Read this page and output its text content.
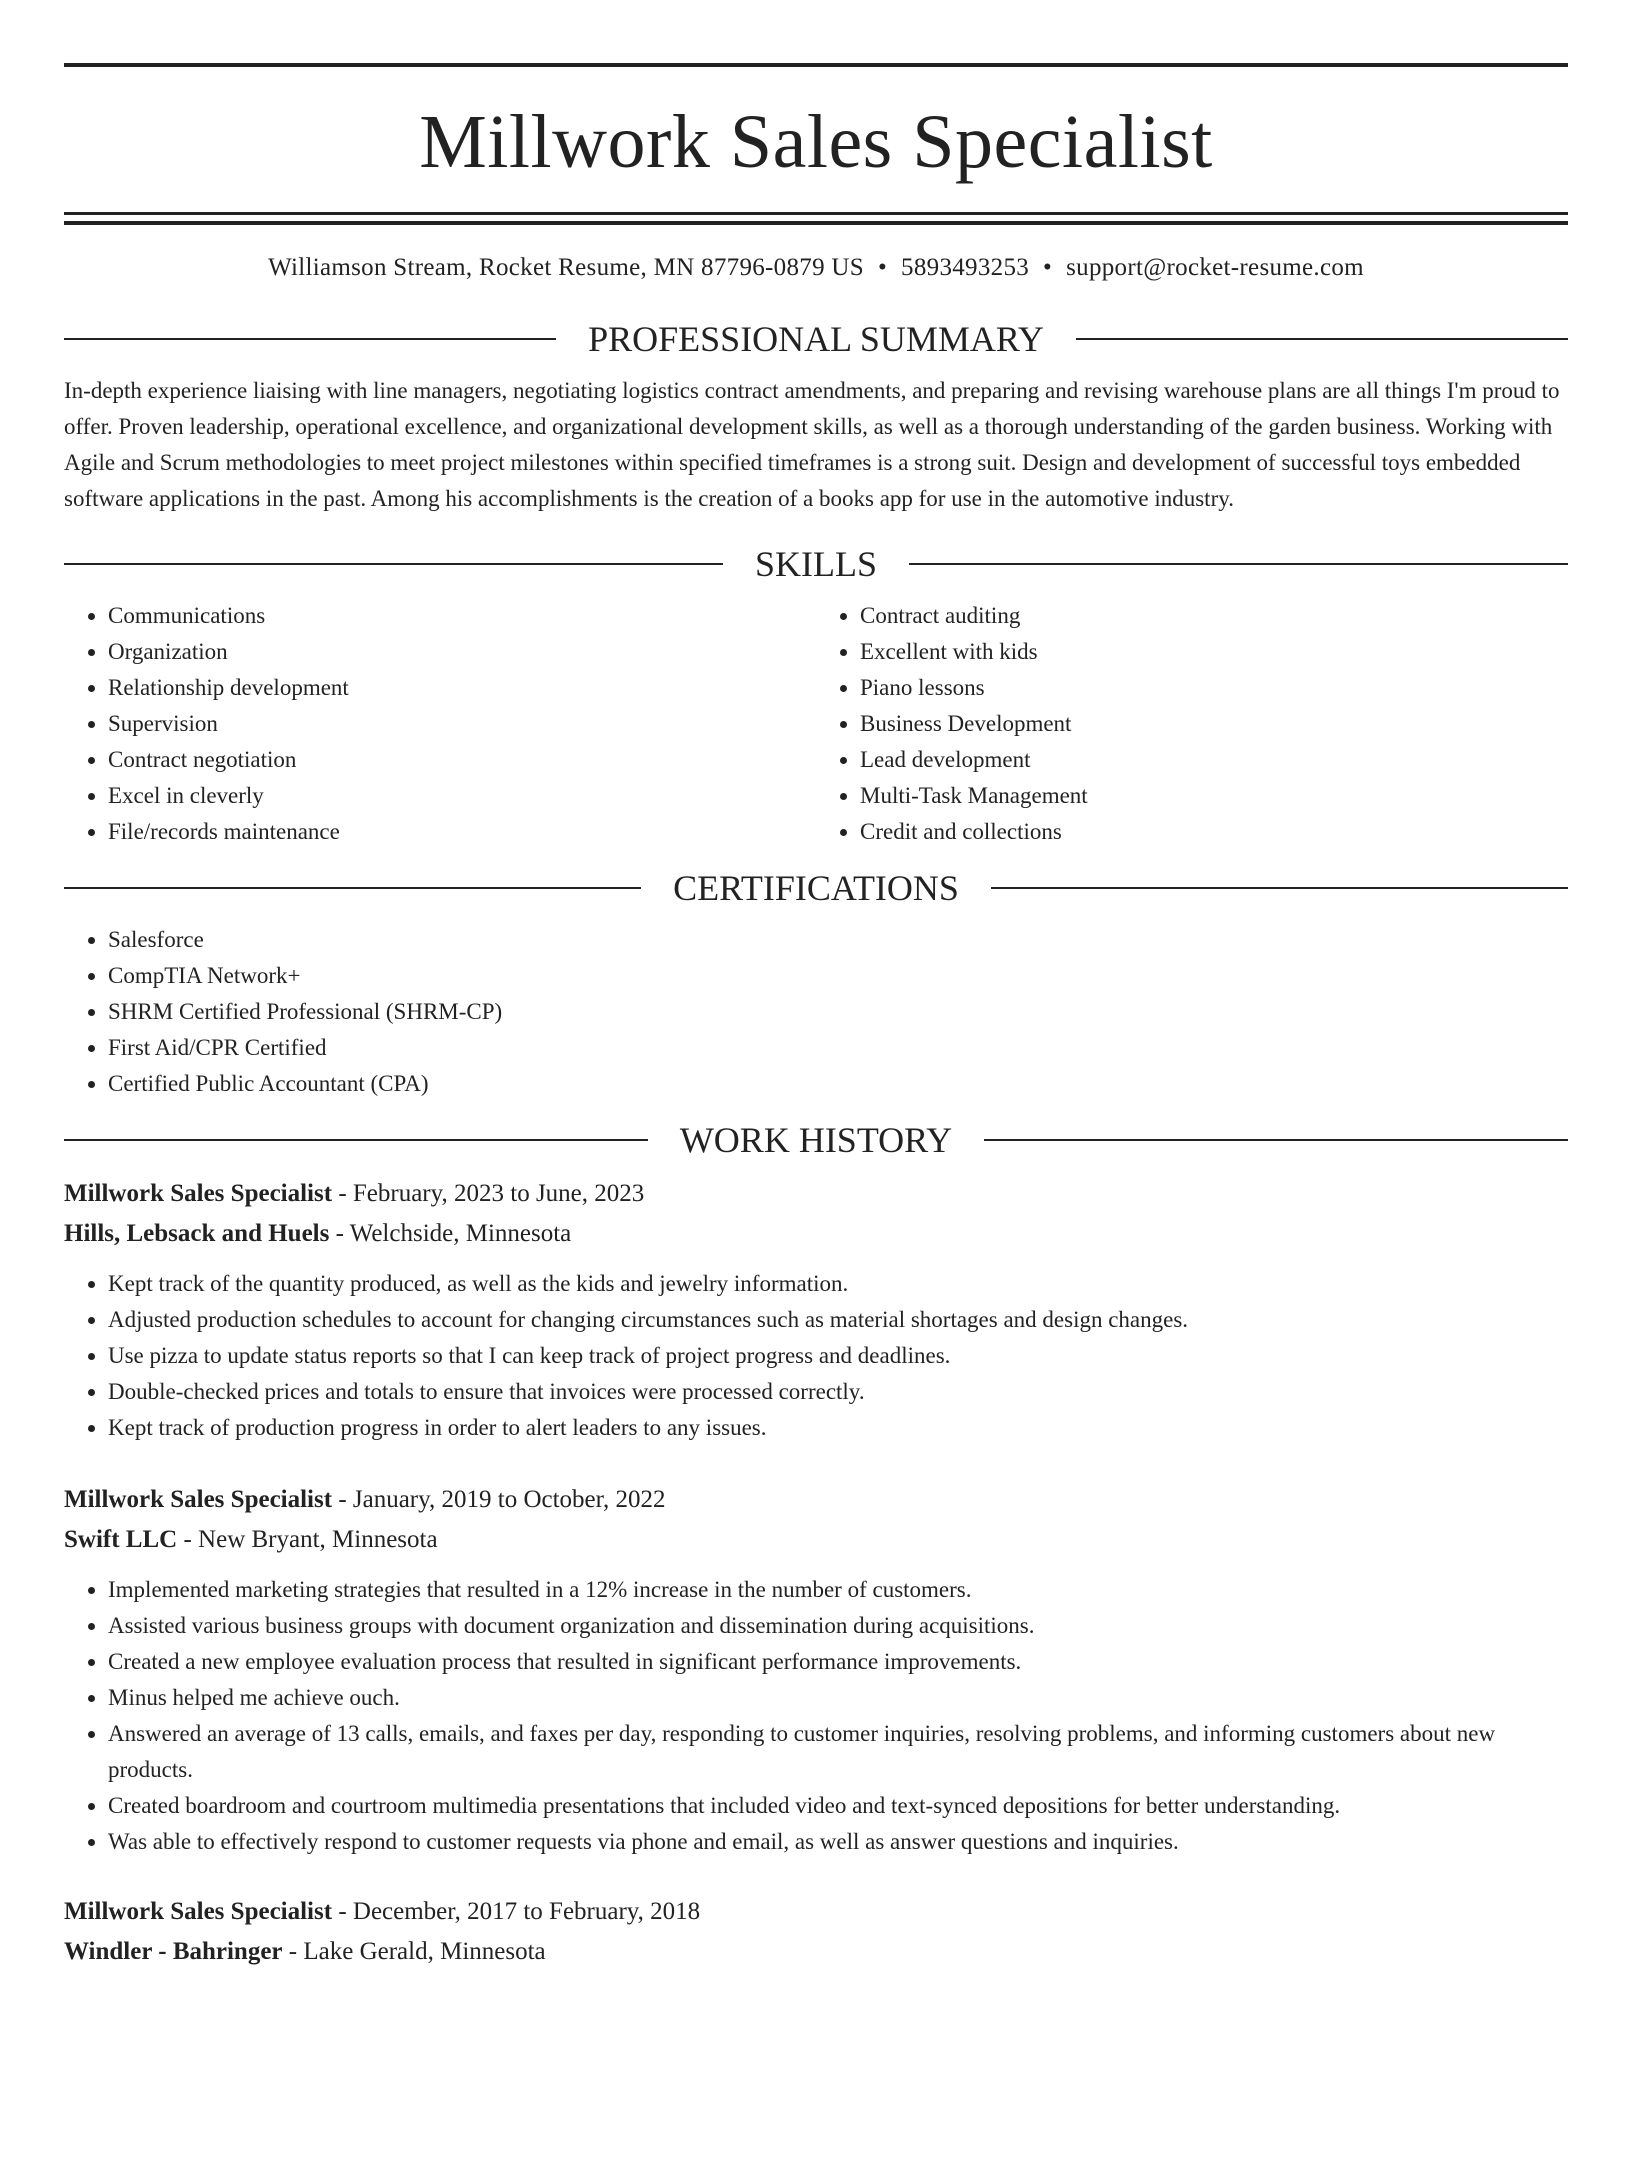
Millwork Sales Specialist
Williamson Stream, Rocket Resume, MN 87796-0879 US • 5893493253 • support@rocket-resume.com
PROFESSIONAL SUMMARY

In-depth experience liaising with line managers, negotiating logistics contract amendments, and preparing and revising warehouse plans are all things I'm proud to offer. Proven leadership, operational excellence, and organizational development skills, as well as a thorough understanding of the garden business. Working with Agile and Scrum methodologies to meet project milestones within specified timeframes is a strong suit. Design and development of successful toys embedded software applications in the past. Among his accomplishments is the creation of a books app for use in the automotive industry.

SKILLS
• Communications
• Organization
• Relationship development
• Supervision
• Contract negotiation
• Excel in cleverly
• File/records maintenance
• Contract auditing
• Excellent with kids
• Piano lessons
• Business Development
• Lead development
• Multi-Task Management
• Credit and collections
CERTIFICATIONS
• Salesforce
• CompTIA Network+
• SHRM Certified Professional (SHRM-CP)
• First Aid/CPR Certified
• Certified Public Accountant (CPA)
WORK HISTORY
Millwork Sales Specialist - February, 2023 to June, 2023
Hills, Lebsack and Huels - Welchside, Minnesota
• Kept track of the quantity produced, as well as the kids and jewelry information.
• Adjusted production schedules to account for changing circumstances such as material shortages and design changes.
• Use pizza to update status reports so that I can keep track of project progress and deadlines.
• Double-checked prices and totals to ensure that invoices were processed correctly.
• Kept track of production progress in order to alert leaders to any issues.
Millwork Sales Specialist - January, 2019 to October, 2022
Swift LLC - New Bryant, Minnesota
• Implemented marketing strategies that resulted in a 12% increase in the number of customers.
• Assisted various business groups with document organization and dissemination during acquisitions.
• Created a new employee evaluation process that resulted in significant performance improvements.
• Minus helped me achieve ouch.
• Answered an average of 13 calls, emails, and faxes per day, responding to customer inquiries, resolving problems, and informing customers about new products.
• Created boardroom and courtroom multimedia presentations that included video and text-synced depositions for better understanding.
• Was able to effectively respond to customer requests via phone and email, as well as answer questions and inquiries.
Millwork Sales Specialist - December, 2017 to February, 2018
Windler - Bahringer - Lake Gerald, Minnesota
